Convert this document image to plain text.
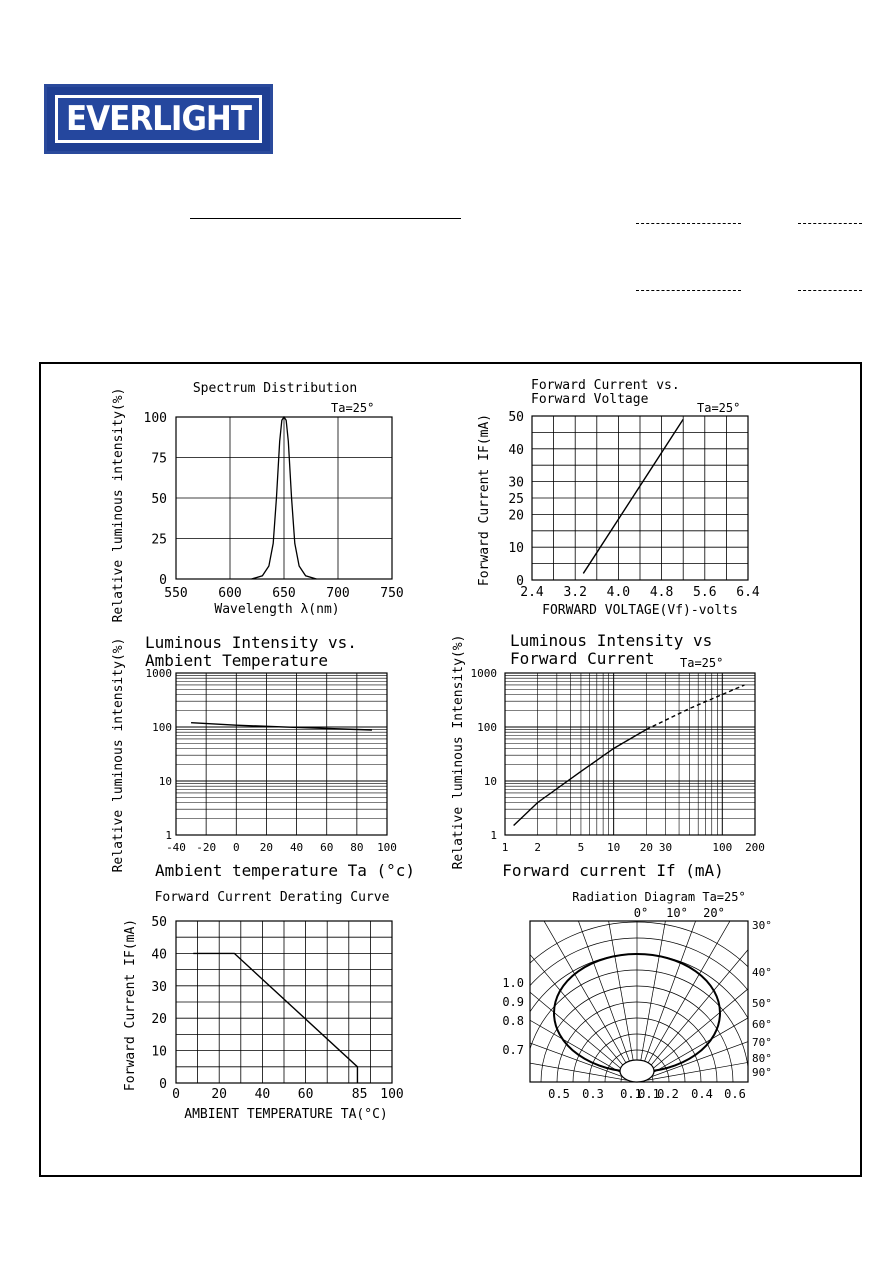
EVERLIGHT
550 600 650 700 750
0
25
50
75
100
Spectrum Distribution
Ta=25°
Wavelength λ(nm)
Relative luminous intensity(%)	2.4 3.2 4.0 4.8 5.6 6.4
0
10
20
25
30
40
50
Forward Current vs.
Forward Voltage
Ta=25°
FORWARD VOLTAGE(Vf)-volts
Forward Current IF(mA)
-40 -20 0 20 40 60 80 100
1
10
100
1000
Luminous Intensity vs.
Ambient Temperature
Ambient temperature Ta (°c)
Relative luminous intensity(%)	1 2	5 10 20 30	100 200
1
10
100
1000
Luminous Intensity vs
Forward Current Ta=25°
Forward current If (mA)
Relative luminous Intensity(%)
0 20 40 60	85 100
0
10
20
30
40
50
Forward Current Derating Curve
AMBIENT TEMPERATURE TA(°C)
Forward Current IF(mA)
Radiation Diagram Ta=25°
0° 10° 20°
30°
40°
50°
60°
70°
80°
90°
1.0
0.9
0.8
0.7
0.5 0.3 0.1
0.1
0.2 0.4 0.6
